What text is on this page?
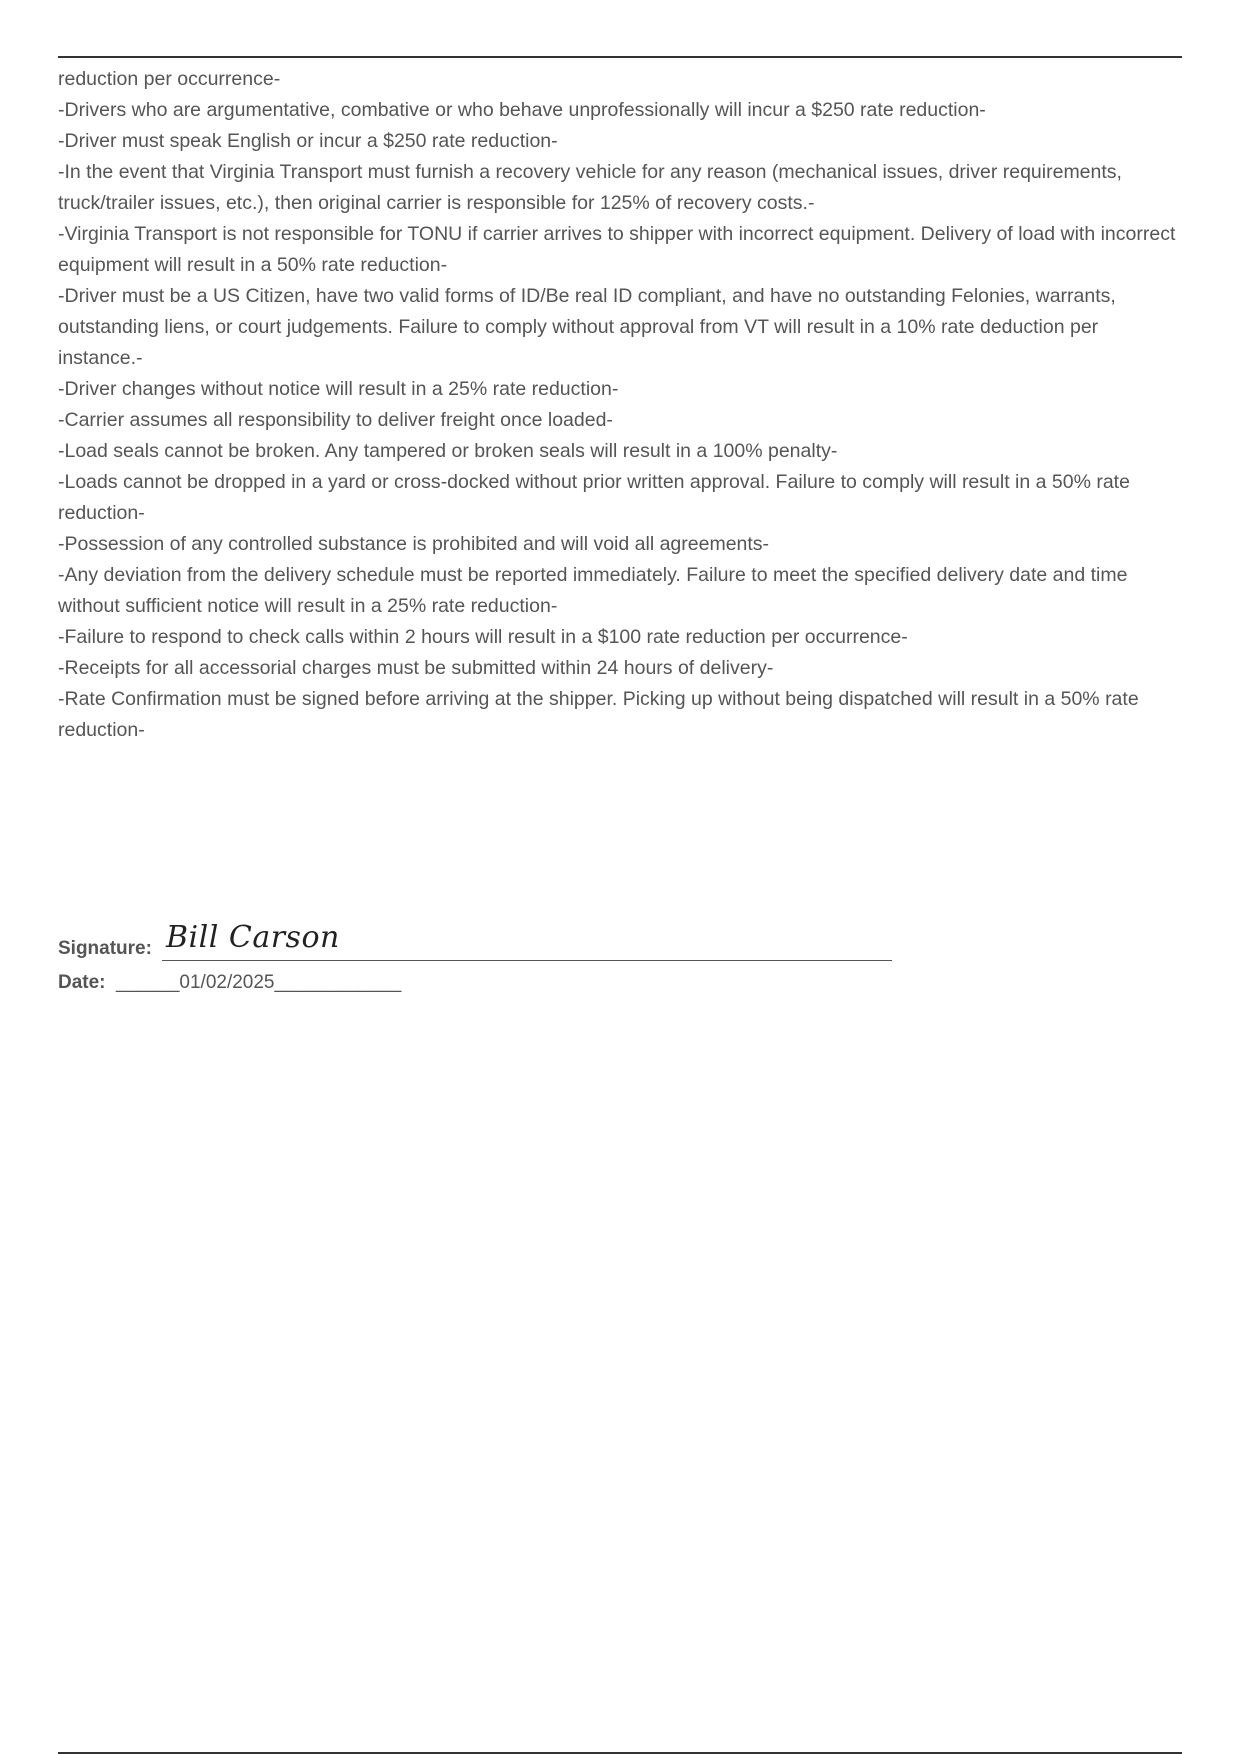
reduction per occurrence-

-Drivers who are argumentative, combative or who behave unprofessionally will incur a $250 rate reduction-

-Driver must speak English or incur a $250 rate reduction-

-In the event that Virginia Transport must furnish a recovery vehicle for any reason (mechanical issues, driver requirements, truck/trailer issues, etc.), then original carrier is responsible for 125% of recovery costs.-

-Virginia Transport is not responsible for TONU if carrier arrives to shipper with incorrect equipment. Delivery of load with incorrect equipment will result in a 50% rate reduction-

-Driver must be a US Citizen, have two valid forms of ID/Be real ID compliant, and have no outstanding Felonies, warrants, outstanding liens, or court judgements. Failure to comply without approval from VT will result in a 10% rate deduction per instance.-

-Driver changes without notice will result in a 25% rate reduction-

-Carrier assumes all responsibility to deliver freight once loaded-

-Load seals cannot be broken. Any tampered or broken seals will result in a 100% penalty-

-Loads cannot be dropped in a yard or cross-docked without prior written approval. Failure to comply will result in a 50% rate reduction-

-Possession of any controlled substance is prohibited and will void all agreements-

-Any deviation from the delivery schedule must be reported immediately. Failure to meet the specified delivery date and time without sufficient notice will result in a 25% rate reduction-

-Failure to respond to check calls within 2 hours will result in a $100 rate reduction per occurrence-

-Receipts for all accessorial charges must be submitted within 24 hours of delivery-

-Rate Confirmation must be signed before arriving at the shipper. Picking up without being dispatched will result in a 50% rate reduction-

Signature: Bill Carson
Date: ______01/02/2025____________
